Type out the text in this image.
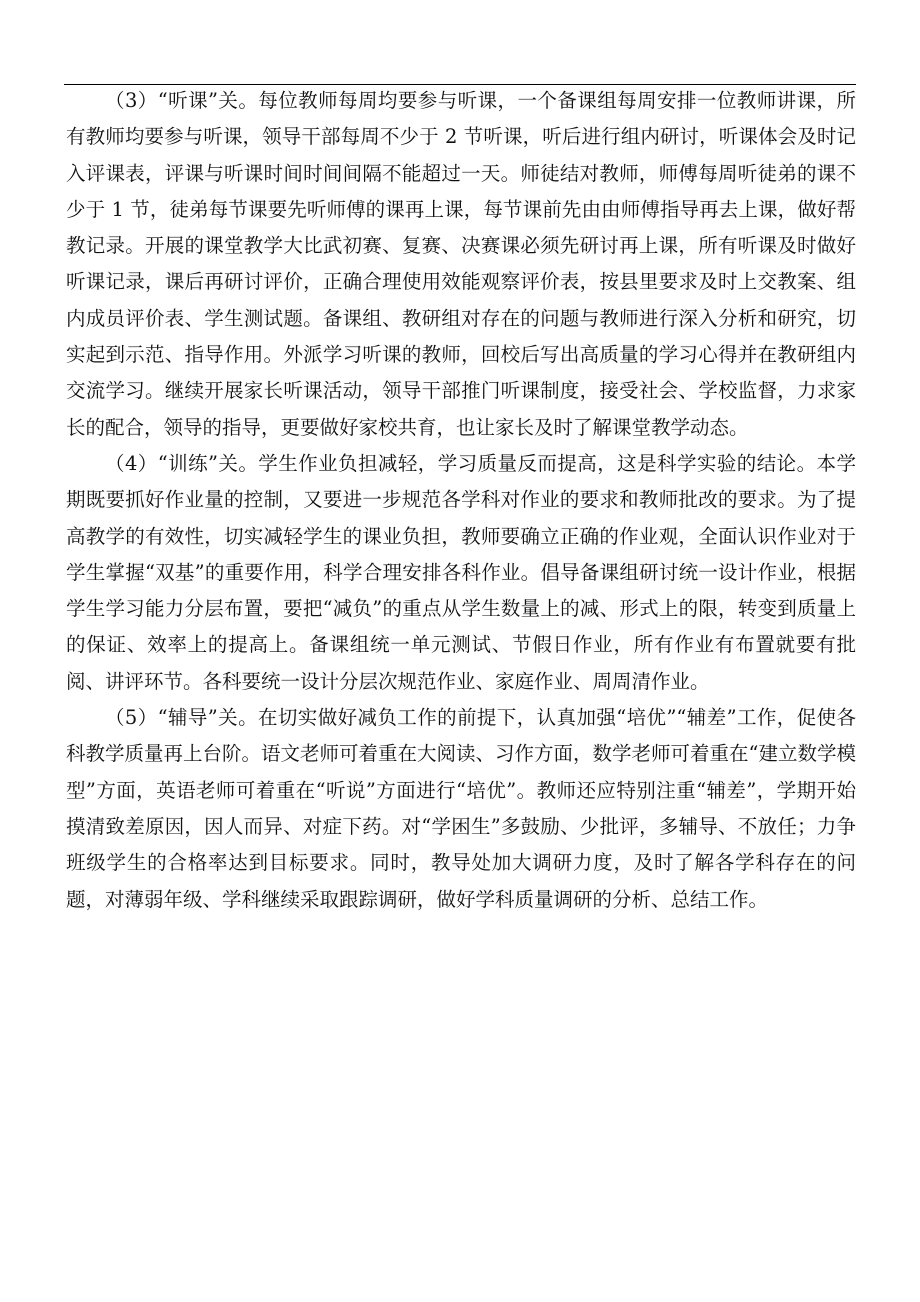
（3）“听课”关。每位教师每周均要参与听课，一个备课组每周安排一位教师讲课，所有教师均要参与听课，领导干部每周不少于 2 节听课，听后进行组内研讨，听课体会及时记入评课表，评课与听课时间时间间隔不能超过一天。师徒结对教师，师傅每周听徒弟的课不少于 1 节，徒弟每节课要先听师傅的课再上课，每节课前先由由师傅指导再去上课，做好帮教记录。开展的课堂教学大比武初赛、复赛、决赛课必须先研讨再上课，所有听课及时做好听课记录，课后再研讨评价，正确合理使用效能观察评价表，按县里要求及时上交教案、组内成员评价表、学生测试题。备课组、教研组对存在的问题与教师进行深入分析和研究，切实起到示范、指导作用。外派学习听课的教师，回校后写出高质量的学习心得并在教研组内交流学习。继续开展家长听课活动，领导干部推门听课制度，接受社会、学校监督，力求家长的配合，领导的指导，更要做好家校共育，也让家长及时了解课堂教学动态。

（4）“训练”关。学生作业负担减轻，学习质量反而提高，这是科学实验的结论。本学期既要抓好作业量的控制，又要进一步规范各学科对作业的要求和教师批改的要求。为了提高教学的有效性，切实减轻学生的课业负担，教师要确立正确的作业观，全面认识作业对于学生掌握“双基”的重要作用，科学合理安排各科作业。倡导备课组研讨统一设计作业，根据学生学习能力分层布置，要把“减负”的重点从学生数量上的减、形式上的限，转变到质量上的保证、效率上的提高上。备课组统一单元测试、节假日作业，所有作业有布置就要有批阅、讲评环节。各科要统一设计分层次规范作业、家庭作业、周周清作业。

（5）“辅导”关。在切实做好减负工作的前提下，认真加强“培优”“辅差”工作，促使各科教学质量再上台阶。语文老师可着重在大阅读、习作方面，数学老师可着重在“建立数学模型”方面，英语老师可着重在“听说”方面进行“培优”。教师还应特别注重“辅差”，学期开始摸清致差原因，因人而异、对症下药。对“学困生”多鼓励、少批评，多辅导、不放任；力争班级学生的合格率达到目标要求。同时，教导处加大调研力度，及时了解各学科存在的问题，对薄弱年级、学科继续采取跟踪调研，做好学科质量调研的分析、总结工作。
